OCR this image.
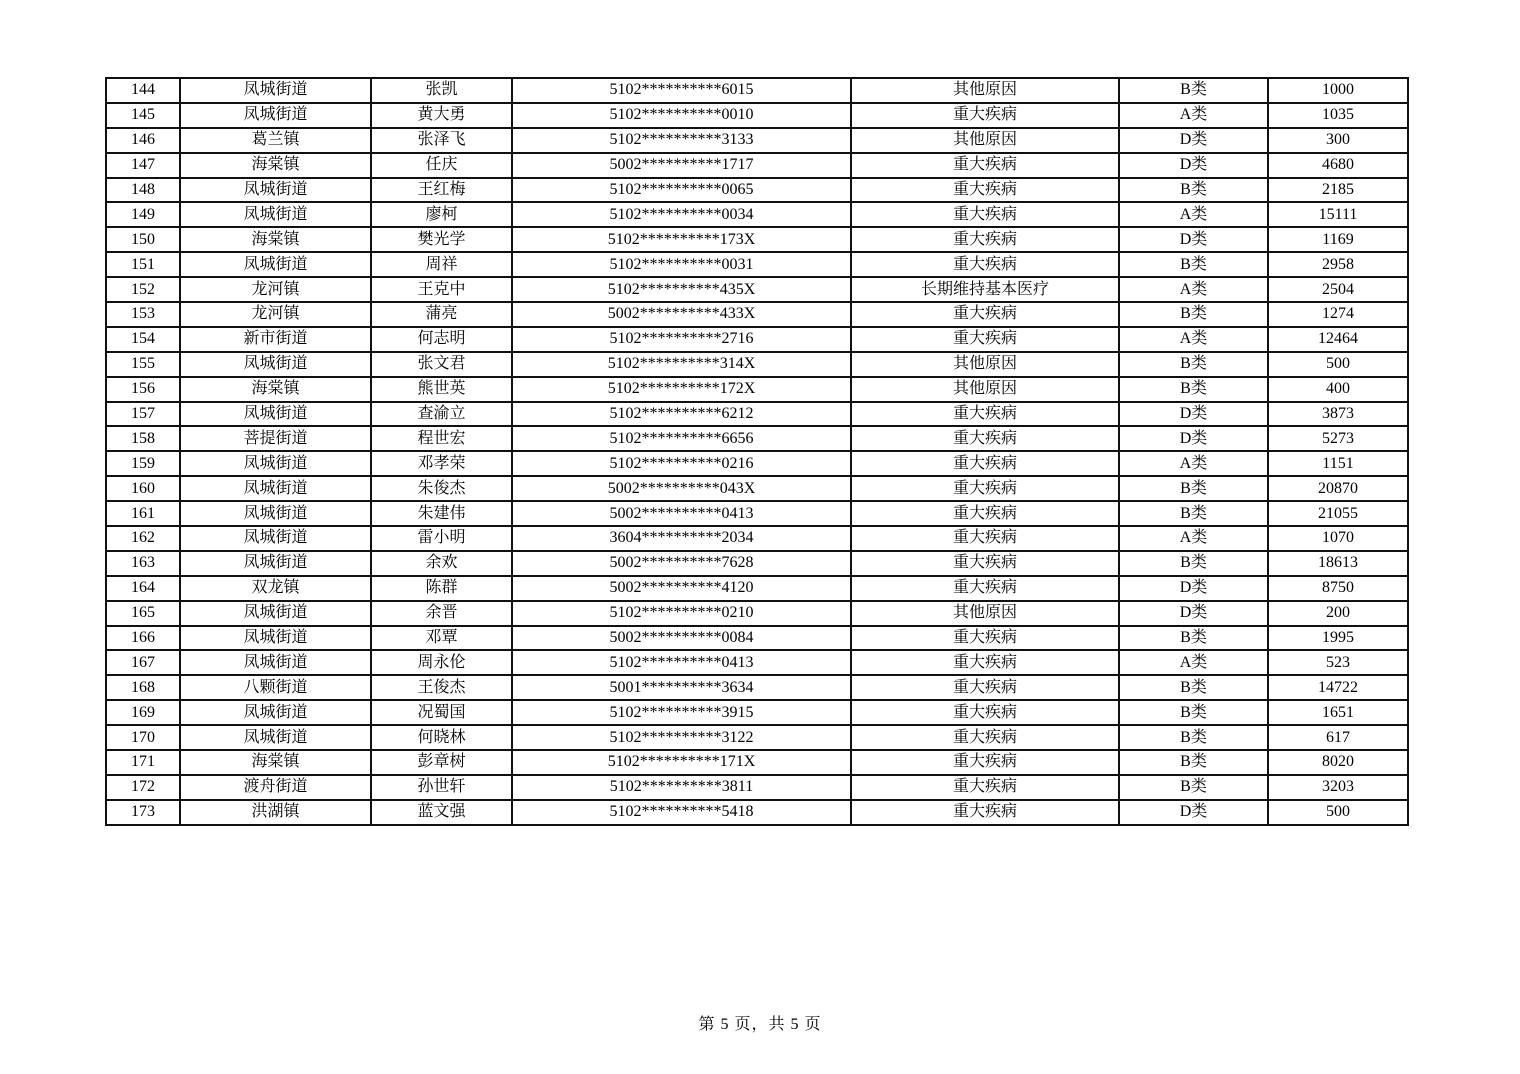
144	凤城街道	张凯	5102**********6015	其他原因	B类	1000
145	凤城街道	黄大勇	5102**********0010	重大疾病	A类	1035
146	葛兰镇	张泽飞	5102**********3133	其他原因	D类	300
147	海棠镇	任庆	5002**********1717	重大疾病	D类	4680
148	凤城街道	王红梅	5102**********0065	重大疾病	B类	2185
149	凤城街道	廖柯	5102**********0034	重大疾病	A类	15111
150	海棠镇	樊光学	5102**********173X	重大疾病	D类	1169
151	凤城街道	周祥	5102**********0031	重大疾病	B类	2958
152	龙河镇	王克中	5102**********435X	长期维持基本医疗	A类	2504
153	龙河镇	蒲亮	5002**********433X	重大疾病	B类	1274
154	新市街道	何志明	5102**********2716	重大疾病	A类	12464
155	凤城街道	张文君	5102**********314X	其他原因	B类	500
156	海棠镇	熊世英	5102**********172X	其他原因	B类	400
157	凤城街道	查渝立	5102**********6212	重大疾病	D类	3873
158	菩提街道	程世宏	5102**********6656	重大疾病	D类	5273
159	凤城街道	邓孝荣	5102**********0216	重大疾病	A类	1151
160	凤城街道	朱俊杰	5002**********043X	重大疾病	B类	20870
161	凤城街道	朱建伟	5002**********0413	重大疾病	B类	21055
162	凤城街道	雷小明	3604**********2034	重大疾病	A类	1070
163	凤城街道	余欢	5002**********7628	重大疾病	B类	18613
164	双龙镇	陈群	5002**********4120	重大疾病	D类	8750
165	凤城街道	余晋	5102**********0210	其他原因	D类	200
166	凤城街道	邓覃	5002**********0084	重大疾病	B类	1995
167	凤城街道	周永伦	5102**********0413	重大疾病	A类	523
168	八颗街道	王俊杰	5001**********3634	重大疾病	B类	14722
169	凤城街道	况蜀国	5102**********3915	重大疾病	B类	1651
170	凤城街道	何晓林	5102**********3122	重大疾病	B类	617
171	海棠镇	彭章树	5102**********171X	重大疾病	B类	8020
172	渡舟街道	孙世轩	5102**********3811	重大疾病	B类	3203
173	洪湖镇	蓝文强	5102**********5418	重大疾病	D类	500
第 5 页，共 5 页
